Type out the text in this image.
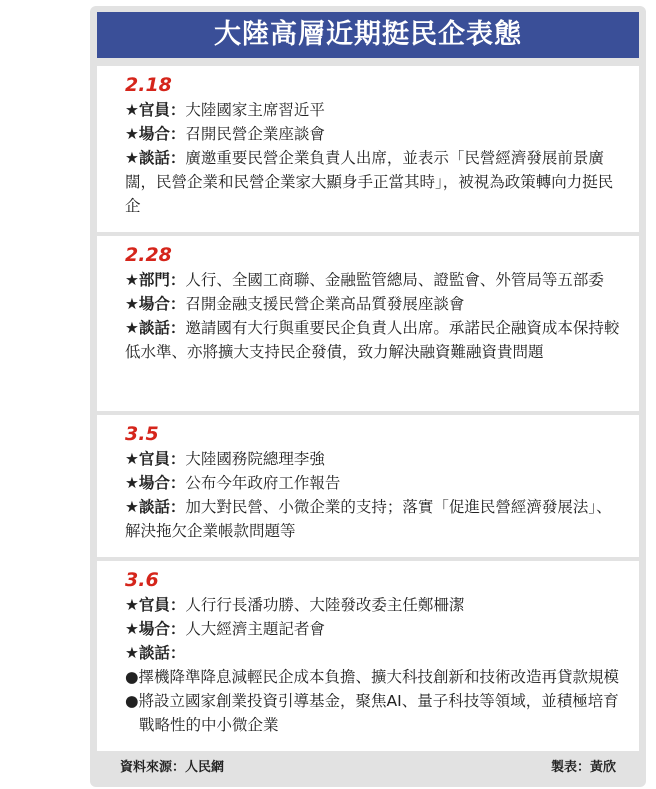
大陸高層近期挺民企表態
2.18
★官員：大陸國家主席習近平
★場合：召開民營企業座談會
★談話：廣邀重要民營企業負責人出席，並表示「民營經濟發展前景廣闊，民營企業和民營企業家大顯身手正當其時」，被視為政策轉向力挺民企
2.28
★部門：人行、全國工商聯、金融監管總局、證監會、外管局等五部委
★場合：召開金融支援民營企業高品質發展座談會
★談話：邀請國有大行與重要民企負責人出席。承諾民企融資成本保持較低水準、亦將擴大支持民企發債，致力解決融資難融資貴問題
3.5
★官員：大陸國務院總理李強
★場合：公布今年政府工作報告
★談話：加大對民營、小微企業的支持；落實「促進民營經濟發展法」、解決拖欠企業帳款問題等
3.6
★官員：人行行長潘功勝、大陸發改委主任鄭柵潔
★場合：人大經濟主題記者會
★談話：
●擇機降準降息減輕民企成本負擔、擴大科技創新和技術改造再貸款規模
●將設立國家創業投資引導基金，聚焦AI、量子科技等領域，並積極培育戰略性的中小微企業
資料來源：人民網	製表：黃欣
